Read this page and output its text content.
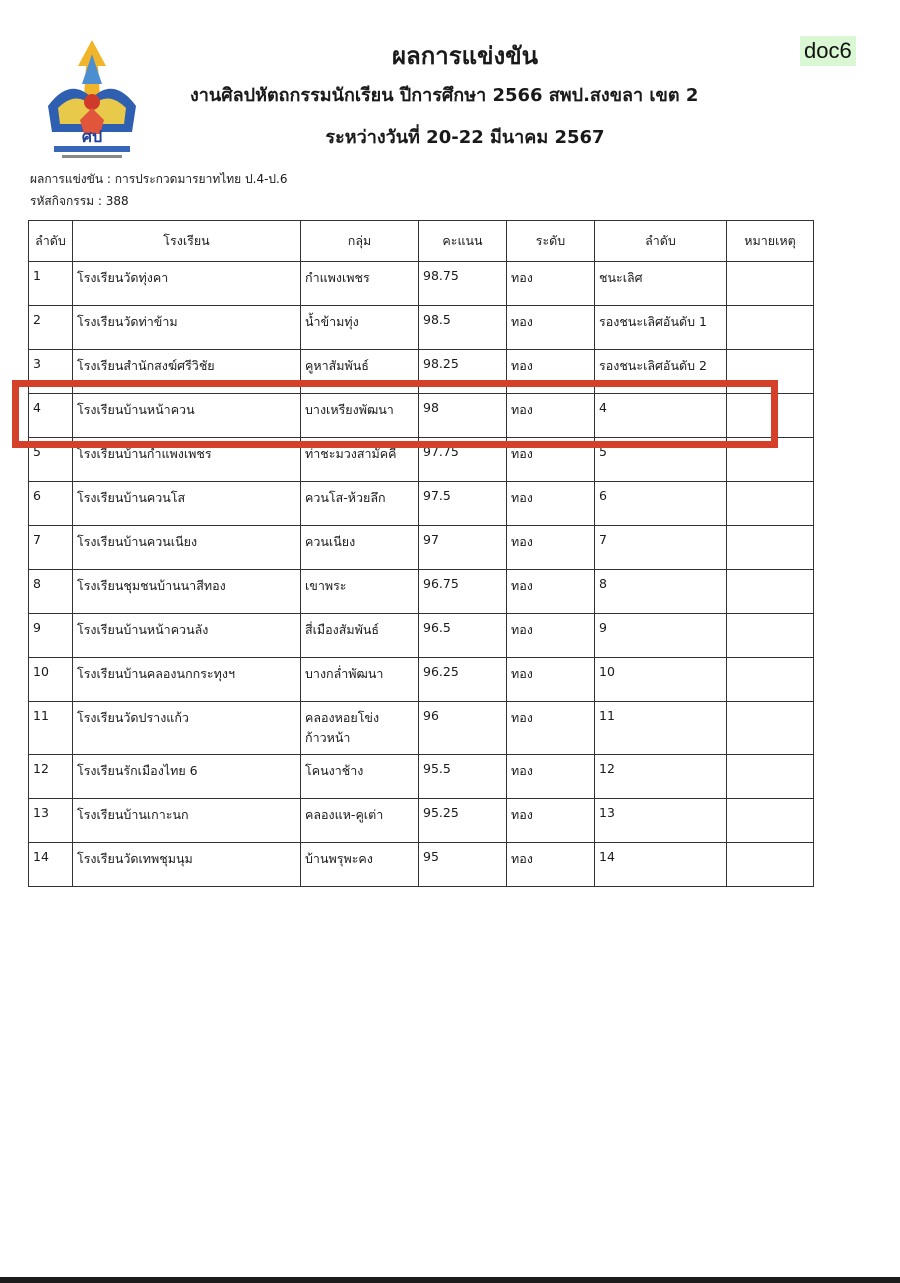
ศป
doc6
ผลการแข่งขัน
งานศิลปหัตถกรรมนักเรียน ปีการศึกษา 2566 สพป.สงขลา เขต 2
ระหว่างวันที่ 20-22 มีนาคม 2567
ผลการแข่งขัน : การประกวดมารยาทไทย ป.4-ป.6
รหัสกิจกรรม : 388
ลำดับ	โรงเรียน	กลุ่ม	คะแนน	ระดับ	ลำดับ	หมายเหตุ
1	โรงเรียนวัดทุ่งคา	กำแพงเพชร	98.75	ทอง	ชนะเลิศ	
2	โรงเรียนวัดท่าข้าม	น้ำข้ามทุ่ง	98.5	ทอง	รองชนะเลิศอันดับ 1	
3	โรงเรียนสำนักสงฆ์ศรีวิชัย	คูหาสัมพันธ์	98.25	ทอง	รองชนะเลิศอันดับ 2	
4	โรงเรียนบ้านหน้าควน	บางเหรียงพัฒนา	98	ทอง	4	
5	โรงเรียนบ้านกำแพงเพชร	ท่าชะมวงสามัคคี	97.75	ทอง	5	
6	โรงเรียนบ้านควนโส	ควนโส-ห้วยลึก	97.5	ทอง	6	
7	โรงเรียนบ้านควนเนียง	ควนเนียง	97	ทอง	7	
8	โรงเรียนชุมชนบ้านนาสีทอง	เขาพระ	96.75	ทอง	8	
9	โรงเรียนบ้านหน้าควนลัง	สี่เมืองสัมพันธ์	96.5	ทอง	9	
10	โรงเรียนบ้านคลองนกกระทุงฯ	บางกล่ำพัฒนา	96.25	ทอง	10	
11	โรงเรียนวัดปรางแก้ว	คลองหอยโข่งก้าวหน้า	96	ทอง	11	
12	โรงเรียนรักเมืองไทย 6	โคนงาช้าง	95.5	ทอง	12	
13	โรงเรียนบ้านเกาะนก	คลองแห-คูเต่า	95.25	ทอง	13	
14	โรงเรียนวัดเทพชุมนุม	บ้านพรุพะคง	95	ทอง	14	
